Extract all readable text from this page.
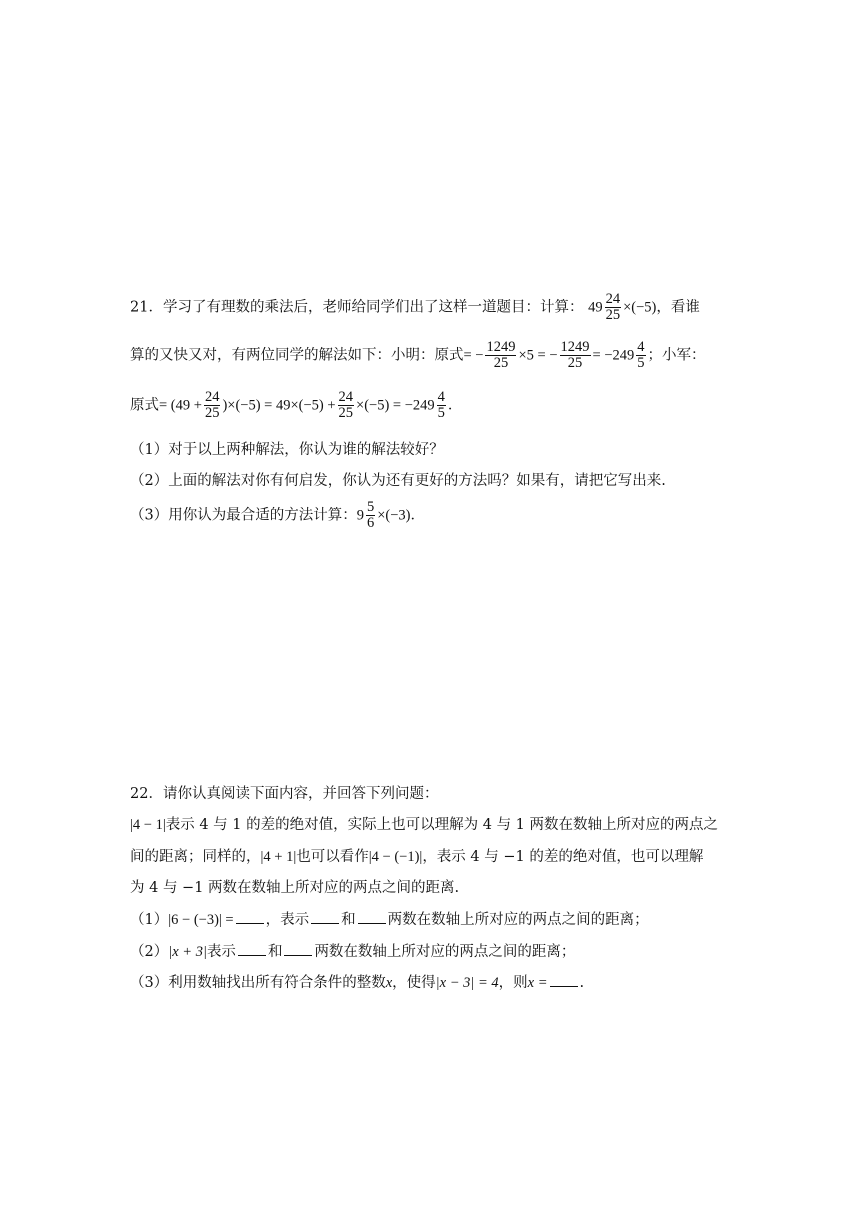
21．学习了有理数的乘法后，老师给同学们出了这样一道题目：计算： $49 \frac{24}{25} \times(-5)$，看谁
算的又快又对，有两位同学的解法如下：小明：原式= − $\frac{1249}{25} \times 5$ = − $\frac{1249}{25} = -249 \frac{4}{5}$ ；小军：
原式= $(49 + \frac{24}{25} )\times(-5) = 49\times(-5) + \frac{24}{25} \times(-5) = -249 \frac{4}{5}$ ．
（1）对于以上两种解法，你认为谁的解法较好？
（2）上面的解法对你有何启发，你认为还有更好的方法吗？如果有，请把它写出来.
（3）用你认为最合适的方法计算：$9 \frac{5}{6} \times(-3)$．
22．请你认真阅读下面内容，并回答下列问题：
|4 − 1|表示 4 与 1 的差的绝对值，实际上也可以理解为 4 与 1 两数在数轴上所对应的两点之
间的距离；同样的，|4 + 1|也可以看作|4 − (−1)|，表示 4 与 −1 的差的绝对值，也可以理解
为 4 与 −1 两数在数轴上所对应的两点之间的距离.
（1）|6 − (−3)| = ，表示 和 两数在数轴上所对应的两点之间的距离；
（2）|x + 3|表示 和 两数在数轴上所对应的两点之间的距离；
（3）利用数轴找出所有符合条件的整数x，使得|x − 3| = 4，则x = .
